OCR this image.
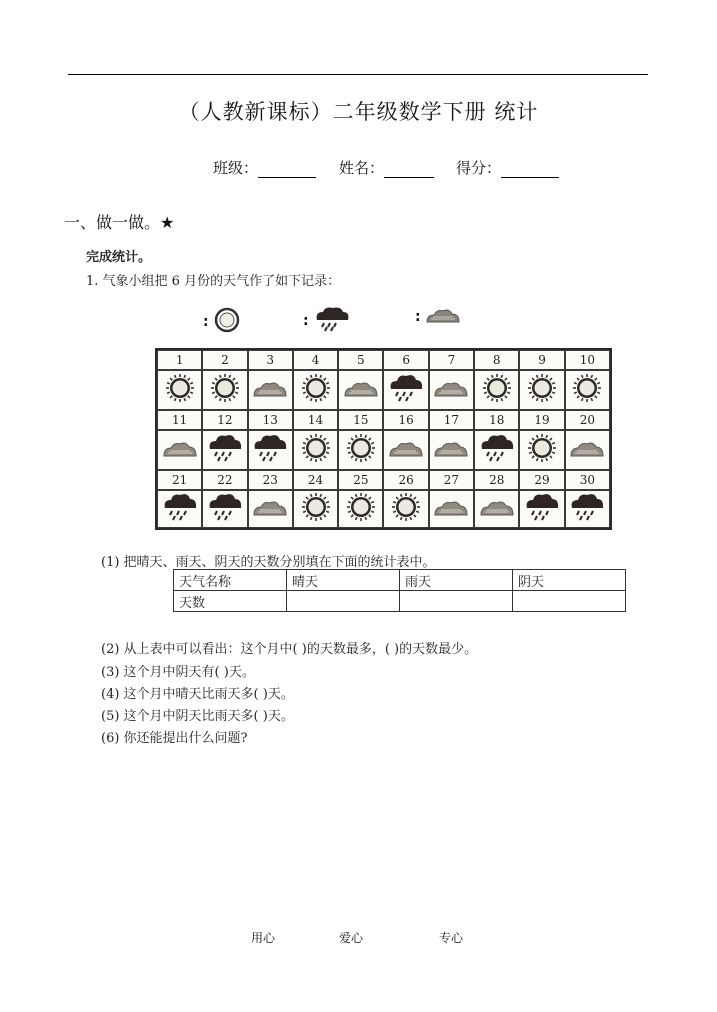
（人教新课标）二年级数学下册 统计
班级：	姓名：	得分：
一、做一做。★
完成统计。
1. 气象小组把 6 月份的天气作了如下记录：
:	:	:
1	2	3	4	5	6	7	8	9	10
11	12	13	14	15	16	17	18	19	20
21	22	23	24	25	26	27	28	29	30
(1) 把晴天、雨天、阴天的天数分别填在下面的统计表中。
天气名称	晴天	雨天	阴天
天数			
(2) 从上表中可以看出：这个月中( )的天数最多，( )的天数最少。
(3) 这个月中阴天有( )天。
(4) 这个月中晴天比雨天多( )天。
(5) 这个月中阴天比雨天多( )天。
(6) 你还能提出什么问题?
用心	爱心	专心
